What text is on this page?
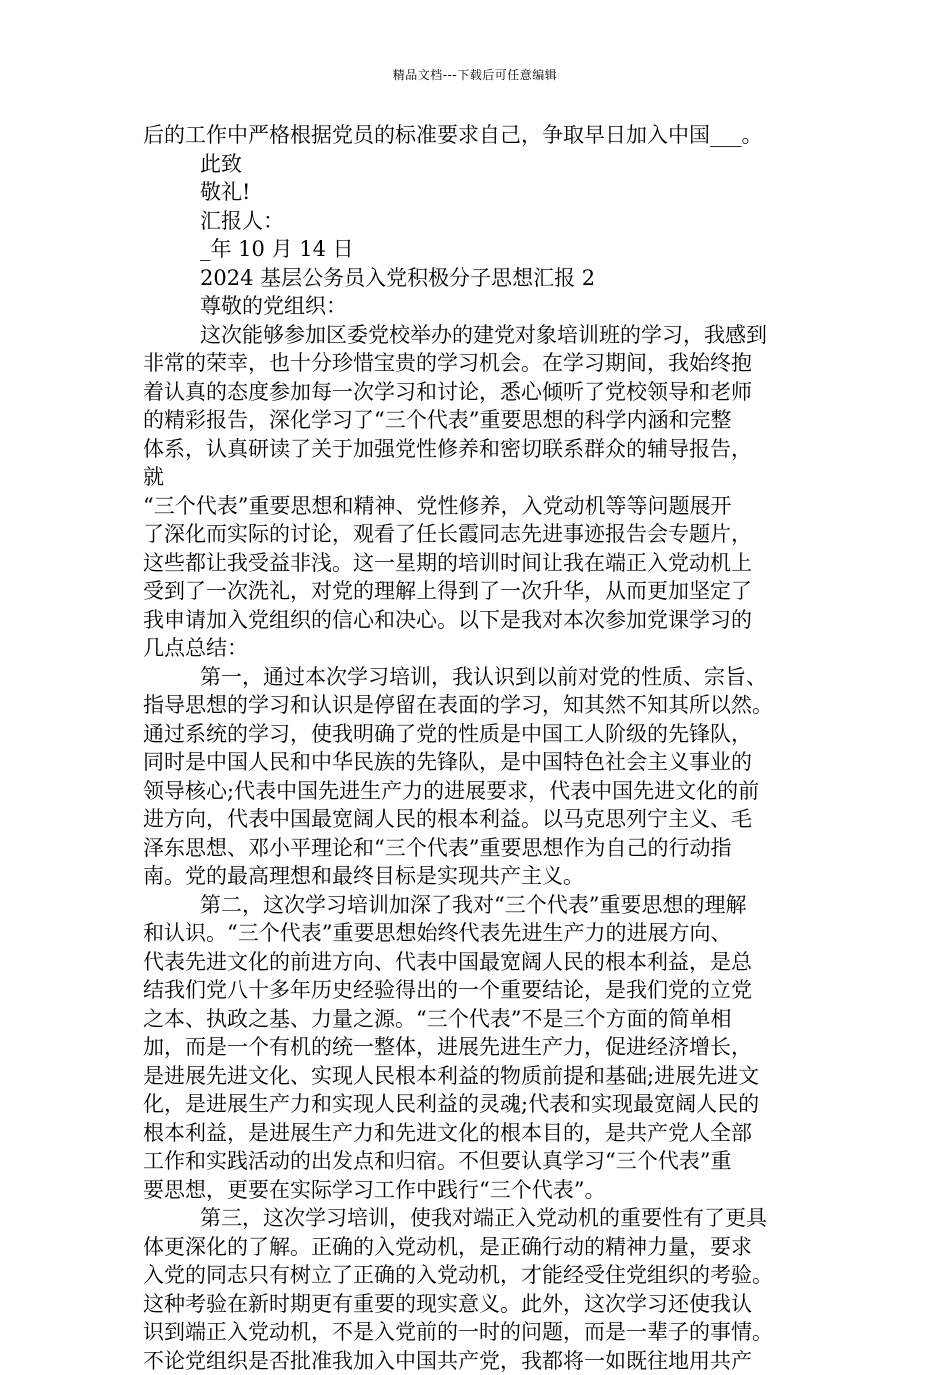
精品文档---下载后可任意编辑
后的工作中严格根据党员的标准要求自己，争取早日加入中国___。
此致
敬礼!
汇报人：
_年 10 月 14 日
2024 基层公务员入党积极分子思想汇报 2
尊敬的党组织：
这次能够参加区委党校举办的建党对象培训班的学习，我感到
非常的荣幸，也十分珍惜宝贵的学习机会。在学习期间，我始终抱
着认真的态度参加每一次学习和讨论，悉心倾听了党校领导和老师
的精彩报告，深化学习了“三个代表”重要思想的科学内涵和完整
体系，认真研读了关于加强党性修养和密切联系群众的辅导报告，
就
“三个代表”重要思想和精神、党性修养，入党动机等等问题展开
了深化而实际的讨论，观看了任长霞同志先进事迹报告会专题片，
这些都让我受益非浅。这一星期的培训时间让我在端正入党动机上
受到了一次洗礼，对党的理解上得到了一次升华，从而更加坚定了
我申请加入党组织的信心和决心。以下是我对本次参加党课学习的
几点总结：
第一，通过本次学习培训，我认识到以前对党的性质、宗旨、
指导思想的学习和认识是停留在表面的学习，知其然不知其所以然。
通过系统的学习，使我明确了党的性质是中国工人阶级的先锋队，
同时是中国人民和中华民族的先锋队，是中国特色社会主义事业的
领导核心;代表中国先进生产力的进展要求，代表中国先进文化的前
进方向，代表中国最宽阔人民的根本利益。以马克思列宁主义、毛
泽东思想、邓小平理论和“三个代表”重要思想作为自己的行动指
南。党的最高理想和最终目标是实现共产主义。
第二，这次学习培训加深了我对“三个代表”重要思想的理解
和认识。“三个代表”重要思想始终代表先进生产力的进展方向、
代表先进文化的前进方向、代表中国最宽阔人民的根本利益，是总
结我们党八十多年历史经验得出的一个重要结论，是我们党的立党
之本、执政之基、力量之源。“三个代表”不是三个方面的简单相
加，而是一个有机的统一整体，进展先进生产力，促进经济增长，
是进展先进文化、实现人民根本利益的物质前提和基础;进展先进文
化，是进展生产力和实现人民利益的灵魂;代表和实现最宽阔人民的
根本利益，是进展生产力和先进文化的根本目的，是共产党人全部
工作和实践活动的出发点和归宿。不但要认真学习“三个代表”重
要思想，更要在实际学习工作中践行“三个代表”。
第三，这次学习培训，使我对端正入党动机的重要性有了更具
体更深化的了解。正确的入党动机，是正确行动的精神力量，要求
入党的同志只有树立了正确的入党动机，才能经受住党组织的考验。
这种考验在新时期更有重要的现实意义。此外，这次学习还使我认
识到端正入党动机，不是入党前的一时的问题，而是一辈子的事情。
不论党组织是否批准我加入中国共产党，我都将一如既往地用共产
